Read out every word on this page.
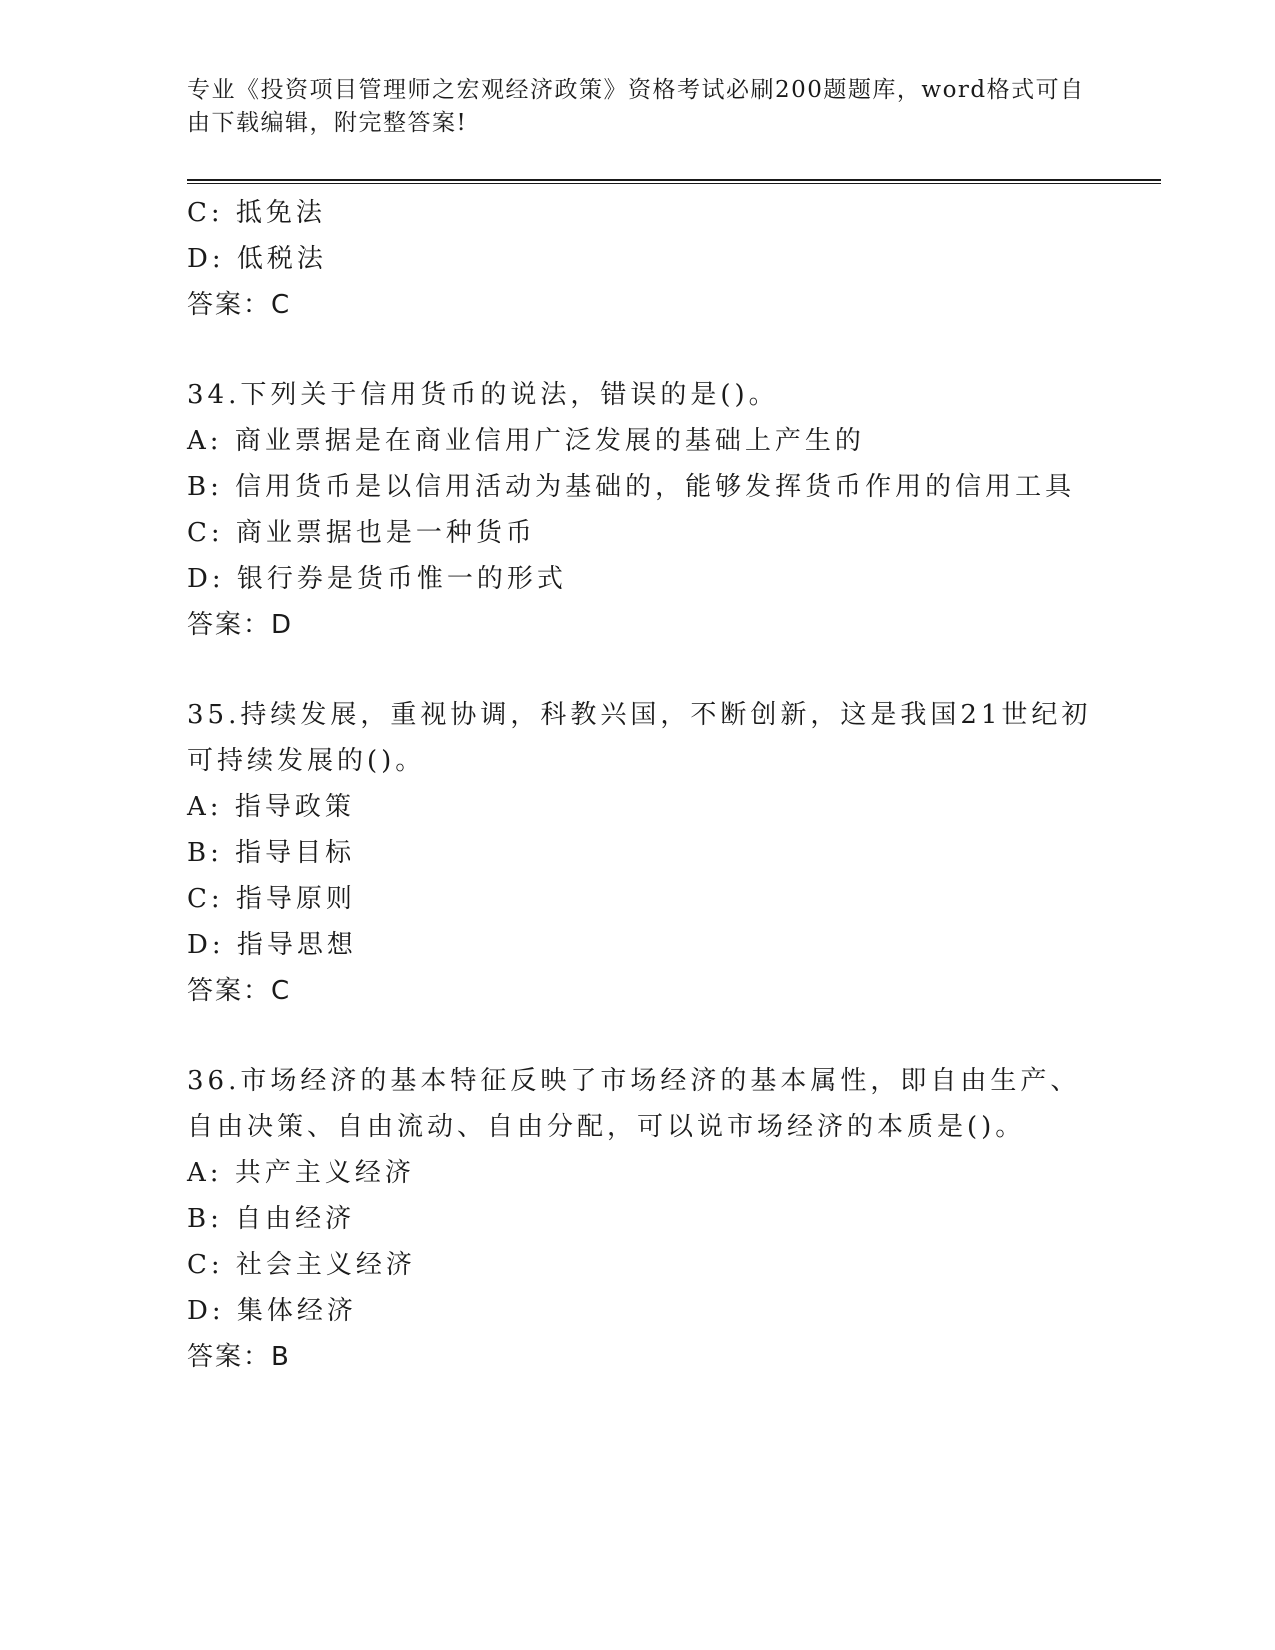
专业《投资项目管理师之宏观经济政策》资格考试必刷200题题库，word格式可自由下载编辑，附完整答案!
C: 抵免法
D: 低税法
答案：C
34.下列关于信用货币的说法，错误的是()。
A: 商业票据是在商业信用广泛发展的基础上产生的
B: 信用货币是以信用活动为基础的，能够发挥货币作用的信用工具
C: 商业票据也是一种货币
D: 银行券是货币惟一的形式
答案：D
35.持续发展，重视协调，科教兴国，不断创新，这是我国21世纪初可持续发展的()。
A: 指导政策
B: 指导目标
C: 指导原则
D: 指导思想
答案：C
36.市场经济的基本特征反映了市场经济的基本属性，即自由生产、自由决策、自由流动、自由分配，可以说市场经济的本质是()。
A: 共产主义经济
B: 自由经济
C: 社会主义经济
D: 集体经济
答案：B
